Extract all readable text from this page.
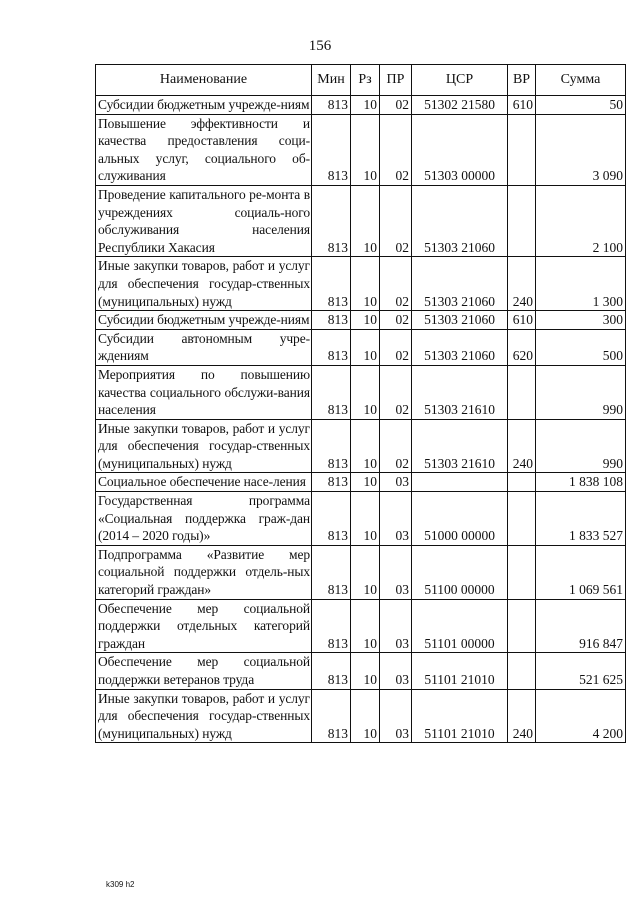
156
Наименование	Мин	Рз	ПР	ЦСР	ВР	Сумма
Субсидии бюджетным учрежде-ниям	813	10	02	51302 21580	610	50
Повышение эффективности и качества предоставления соци-альных услуг, социального об-служивания	813	10	02	51303 00000		3 090
Проведение капитального ре-монта в учреждениях социаль-ного обслуживания населения Республики Хакасия	813	10	02	51303 21060		2 100
Иные закупки товаров, работ и услуг для обеспечения государ-ственных (муниципальных) нужд	813	10	02	51303 21060	240	1 300
Субсидии бюджетным учрежде-ниям	813	10	02	51303 21060	610	300
Субсидии автономным учре-ждениям	813	10	02	51303 21060	620	500
Мероприятия по повышению качества социального обслужи-вания населения	813	10	02	51303 21610		990
Иные закупки товаров, работ и услуг для обеспечения государ-ственных (муниципальных) нужд	813	10	02	51303 21610	240	990
Социальное обеспечение насе-ления	813	10	03			1 838 108
Государственная программа «Социальная поддержка граж-дан (2014 – 2020 годы)»	813	10	03	51000 00000		1 833 527
Подпрограмма «Развитие мер социальной поддержки отдель-ных категорий граждан»	813	10	03	51100 00000		1 069 561
Обеспечение мер социальной поддержки отдельных категорий граждан	813	10	03	51101 00000		916 847
Обеспечение мер социальной поддержки ветеранов труда	813	10	03	51101 21010		521 625
Иные закупки товаров, работ и услуг для обеспечения государ-ственных (муниципальных) нужд	813	10	03	51101 21010	240	4 200
k309 h2
